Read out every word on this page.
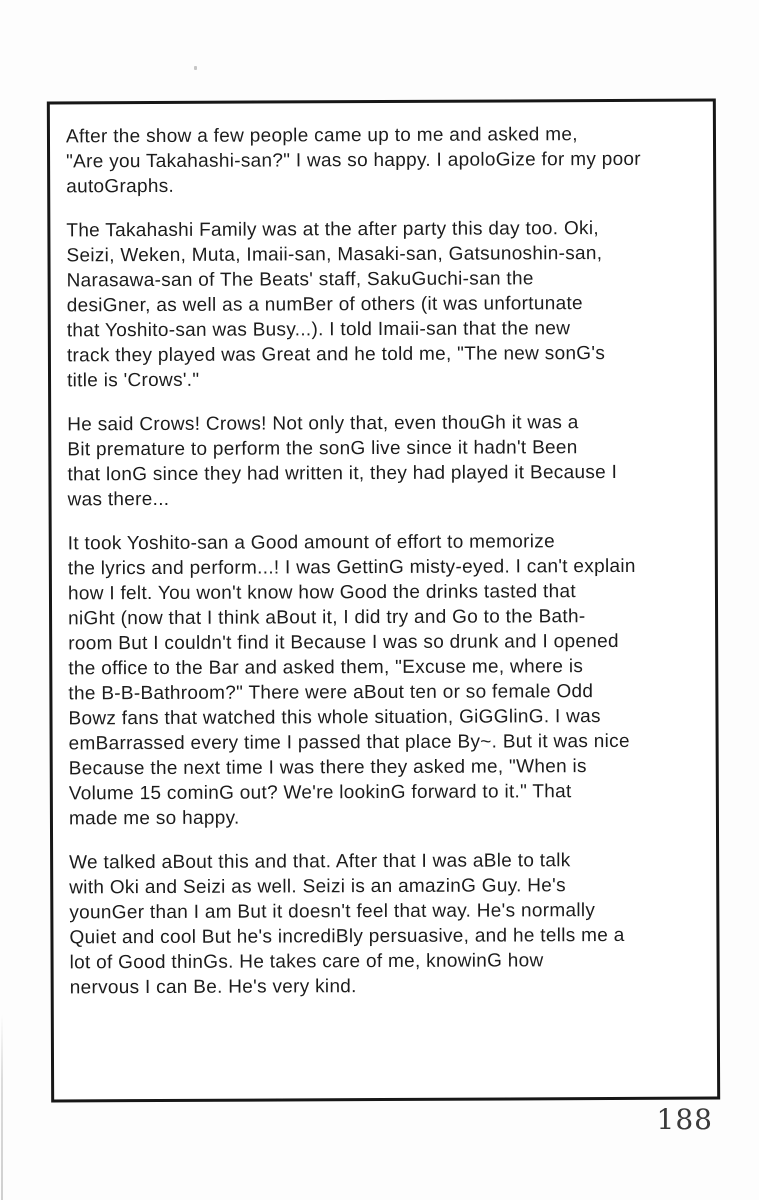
After the show a few people came up to me and asked me,
"Are you Takahashi-san?" I was so happy. I apoloGize for my poor
autoGraphs.

The Takahashi Family was at the after party this day too. Oki,
Seizi, Weken, Muta, Imaii-san, Masaki-san, Gatsunoshin-san,
Narasawa-san of The Beats' staff, SakuGuchi-san the
desiGner, as well as a numBer of others (it was unfortunate
that Yoshito-san was Busy...). I told Imaii-san that the new
track they played was Great and he told me, "The new sonG's
title is 'Crows'."

He said Crows! Crows! Not only that, even thouGh it was a
Bit premature to perform the sonG live since it hadn't Been
that lonG since they had written it, they had played it Because I
was there...

It took Yoshito-san a Good amount of effort to memorize
the lyrics and perform...! I was GettinG misty-eyed. I can't explain
how I felt. You won't know how Good the drinks tasted that
niGht (now that I think aBout it, I did try and Go to the Bath-
room But I couldn't find it Because I was so drunk and I opened
the office to the Bar and asked them, "Excuse me, where is
the B-B-Bathroom?" There were aBout ten or so female Odd
Bowz fans that watched this whole situation, GiGGlinG. I was
emBarrassed every time I passed that place By~. But it was nice
Because the next time I was there they asked me, "When is
Volume 15 cominG out? We're lookinG forward to it." That
made me so happy.

We talked aBout this and that. After that I was aBle to talk
with Oki and Seizi as well. Seizi is an amazinG Guy. He's
younGer than I am But it doesn't feel that way. He's normally
Quiet and cool But he's incrediBly persuasive, and he tells me a
lot of Good thinGs. He takes care of me, knowinG how
nervous I can Be. He's very kind.

188
